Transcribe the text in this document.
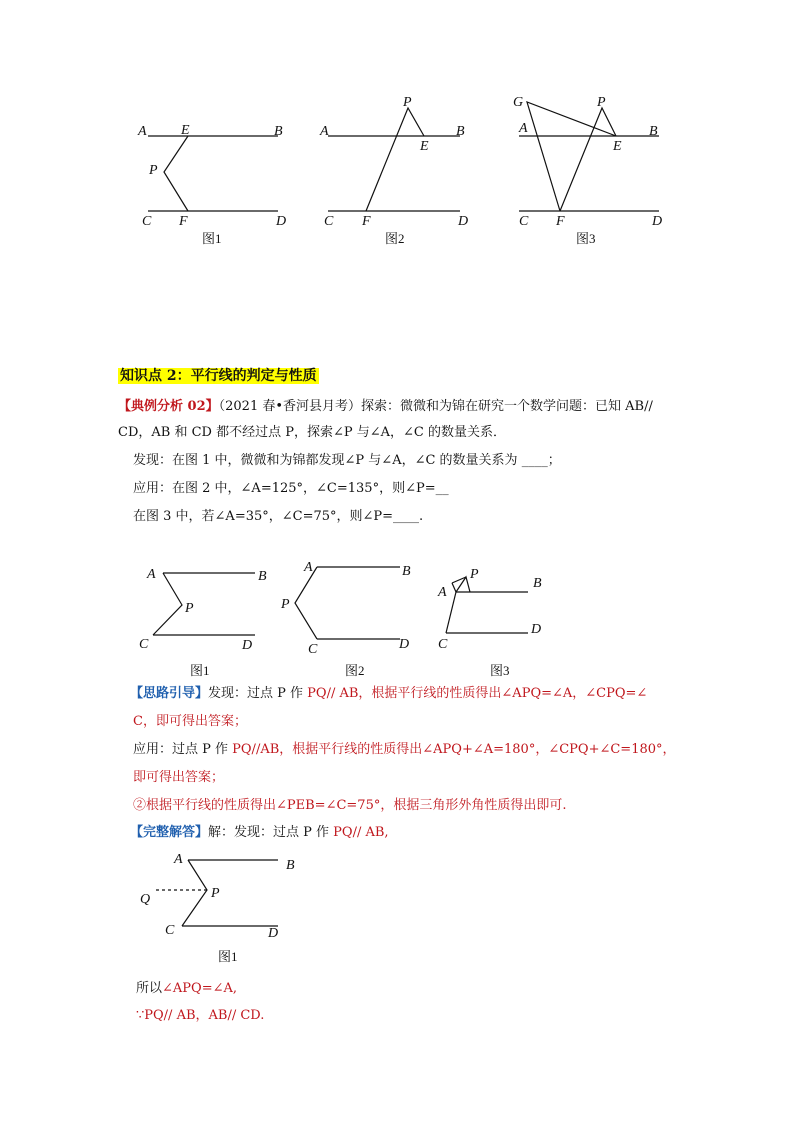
A	B
E
P
C F	D
图1
A	B
P
E
C F	D
图2
G	P
A	B
E
C F	D
图3
知识点 2：平行线的判定与性质
【典例分析 02】（2021 春•香河县月考）探索：微微和为锦在研究一个数学问题：已知 AB//
CD，AB 和 CD 都不经过点 P，探索∠P 与∠A，∠C 的数量关系．
发现：在图 1 中，微微和为锦都发现∠P 与∠A，∠C 的数量关系为 ____；
应用：在图 2 中，∠A=125°，∠C=135°，则∠P=__
在图 3 中，若∠A=35°，∠C=75°，则∠P=____.
A	B
P
C	D
图1
A	B
P
C	D
图2
P
A
B
C
D
图3
【思路引导】发现：过点 P 作 PQ// AB，根据平行线的性质得出∠APQ=∠A，∠CPQ=∠
C，即可得出答案；
应用：过点 P 作 PQ//AB，根据平行线的性质得出∠APQ+∠A=180°，∠CPQ+∠C=180°，
即可得出答案；
②根据平行线的性质得出∠PEB=∠C=75°，根据三角形外角性质得出即可.
【完整解答】解：发现：过点 P 作 PQ// AB,
A	B
P
Q
C	D
图1
所以∠APQ=∠A,
∵PQ// AB，AB// CD.
